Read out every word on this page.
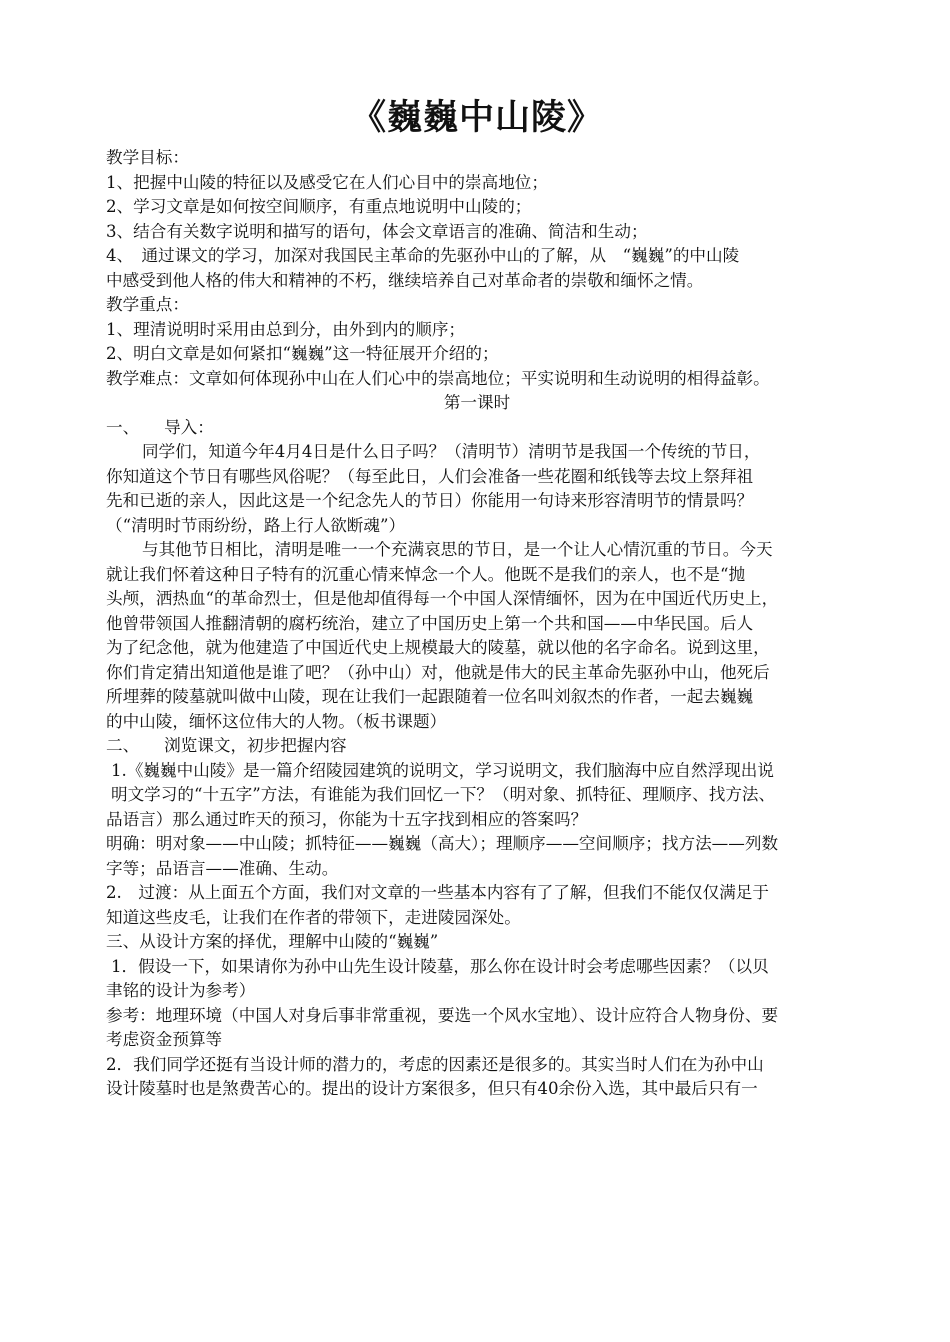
《巍巍中山陵》

教学目标：

1、把握中山陵的特征以及感受它在人们心目中的崇高地位；

2、学习文章是如何按空间顺序，有重点地说明中山陵的；

3、结合有关数字说明和描写的语句，体会文章语言的准确、简洁和生动；

4、　通过课文的学习，加深对我国民主革命的先驱孙中山的了解，从　“巍巍”的中山陵

中感受到他人格的伟大和精神的不朽，继续培养自己对革命者的崇敬和缅怀之情。

教学重点：

1、理清说明时采用由总到分，由外到内的顺序；

2、明白文章是如何紧扣“巍巍”这一特征展开介绍的；

教学难点：文章如何体现孙中山在人们心中的崇高地位；平实说明和生动说明的相得益彰。

第一课时

一、　　导入：

同学们，知道今年4月4日是什么日子吗？（清明节）清明节是我国一个传统的节日，

你知道这个节日有哪些风俗呢？（每至此日，人们会准备一些花圈和纸钱等去坟上祭拜祖

先和已逝的亲人，因此这是一个纪念先人的节日）你能用一句诗来形容清明节的情景吗？

（“清明时节雨纷纷，路上行人欲断魂”）

与其他节日相比，清明是唯一一个充满哀思的节日，是一个让人心情沉重的节日。今天

就让我们怀着这种日子特有的沉重心情来悼念一个人。他既不是我们的亲人，也不是“抛

头颅，洒热血“的革命烈士，但是他却值得每一个中国人深情缅怀，因为在中国近代历史上，

他曾带领国人推翻清朝的腐朽统治，建立了中国历史上第一个共和国——中华民国。后人

为了纪念他，就为他建造了中国近代史上规模最大的陵墓，就以他的名字命名。说到这里，

你们肯定猜出知道他是谁了吧？（孙中山）对，他就是伟大的民主革命先驱孙中山，他死后

所埋葬的陵墓就叫做中山陵，现在让我们一起跟随着一位名叫刘叙杰的作者，一起去巍巍

的中山陵，缅怀这位伟大的人物。（板书课题）

二、　　浏览课文，初步把握内容

1.《巍巍中山陵》是一篇介绍陵园建筑的说明文，学习说明文，我们脑海中应自然浮现出说

明文学习的“十五字”方法，有谁能为我们回忆一下？（明对象、抓特征、理顺序、找方法、

品语言）那么通过昨天的预习，你能为十五字找到相应的答案吗？

明确：明对象——中山陵；抓特征——巍巍（高大）；理顺序——空间顺序；找方法——列数

字等；品语言——准确、生动。

2.　过渡：从上面五个方面，我们对文章的一些基本内容有了了解，但我们不能仅仅满足于

知道这些皮毛，让我们在作者的带领下，走进陵园深处。

三、从设计方案的择优，理解中山陵的“巍巍”

1．假设一下，如果请你为孙中山先生设计陵墓，那么你在设计时会考虑哪些因素？（以贝

聿铭的设计为参考）

参考：地理环境（中国人对身后事非常重视，要选一个风水宝地）、设计应符合人物身份、要

考虑资金预算等

2．我们同学还挺有当设计师的潜力的，考虑的因素还是很多的。其实当时人们在为孙中山

设计陵墓时也是煞费苦心的。提出的设计方案很多，但只有40余份入选，其中最后只有一
